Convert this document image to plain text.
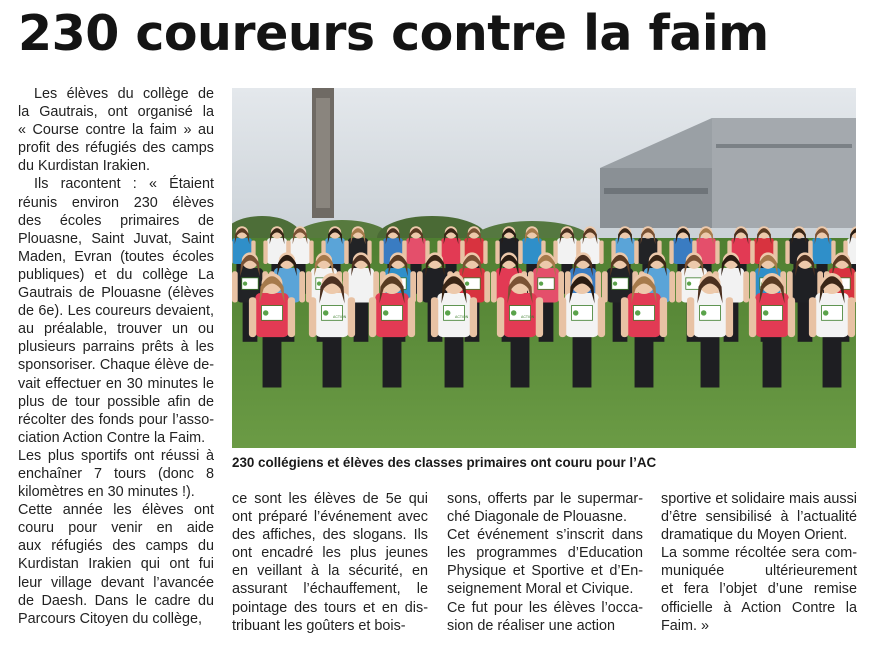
230 coureurs contre la faim
Les élèves du collège de
la Gautrais, ont organisé la
« Course contre la faim » au
profit des réfugiés des camps
du Kurdistan Irakien.
Ils racontent : « Étaient
réunis environ 230 élèves
des écoles primaires de
Plouasne, Saint Juvat, Saint
Maden, Evran (toutes écoles
publiques) et du collège La
Gautrais de Plouasne (élèves
de 6e). Les coureurs devaient,
au préalable, trouver un ou
plusieurs parrains prêts à les
sponsoriser. Chaque élève de-
vait effectuer en 30 minutes le
plus de tour possible afin de
récolter des fonds pour l’asso-
ciation Action Contre la Faim.
Les plus sportifs ont réussi à
enchaîner 7 tours (donc 8
kilomètres en 30 minutes !).
Cette année les élèves ont
couru pour venir en aide
aux réfugiés des camps du
Kurdistan Irakien qui ont fui
leur village devant l’avancée
de Daesh. Dans le cadre du
Parcours Citoyen du collège,
ACTION	ACTION	ACTION

230 collégiens et élèves des classes primaires ont couru pour l’AC

ce sont les élèves de 5e qui
ont préparé l’événement avec
des affiches, des slogans. Ils
ont encadré les plus jeunes
en veillant à la sécurité, en
assurant l’échauffement, le
pointage des tours et en dis-
tribuant les goûters et bois-
sons, offerts par le supermar-
ché Diagonale de Plouasne.
Cet événement s’inscrit dans
les programmes d’Education
Physique et Sportive et d’En-
seignement Moral et Civique.
Ce fut pour les élèves l’occa-
sion de réaliser une action
sportive et solidaire mais aussi
d’être sensibilisé à l’actualité
dramatique du Moyen Orient.
La somme récoltée sera com-
muniquée ultérieurement
et fera l’objet d’une remise
officielle à Action Contre la
Faim. »
